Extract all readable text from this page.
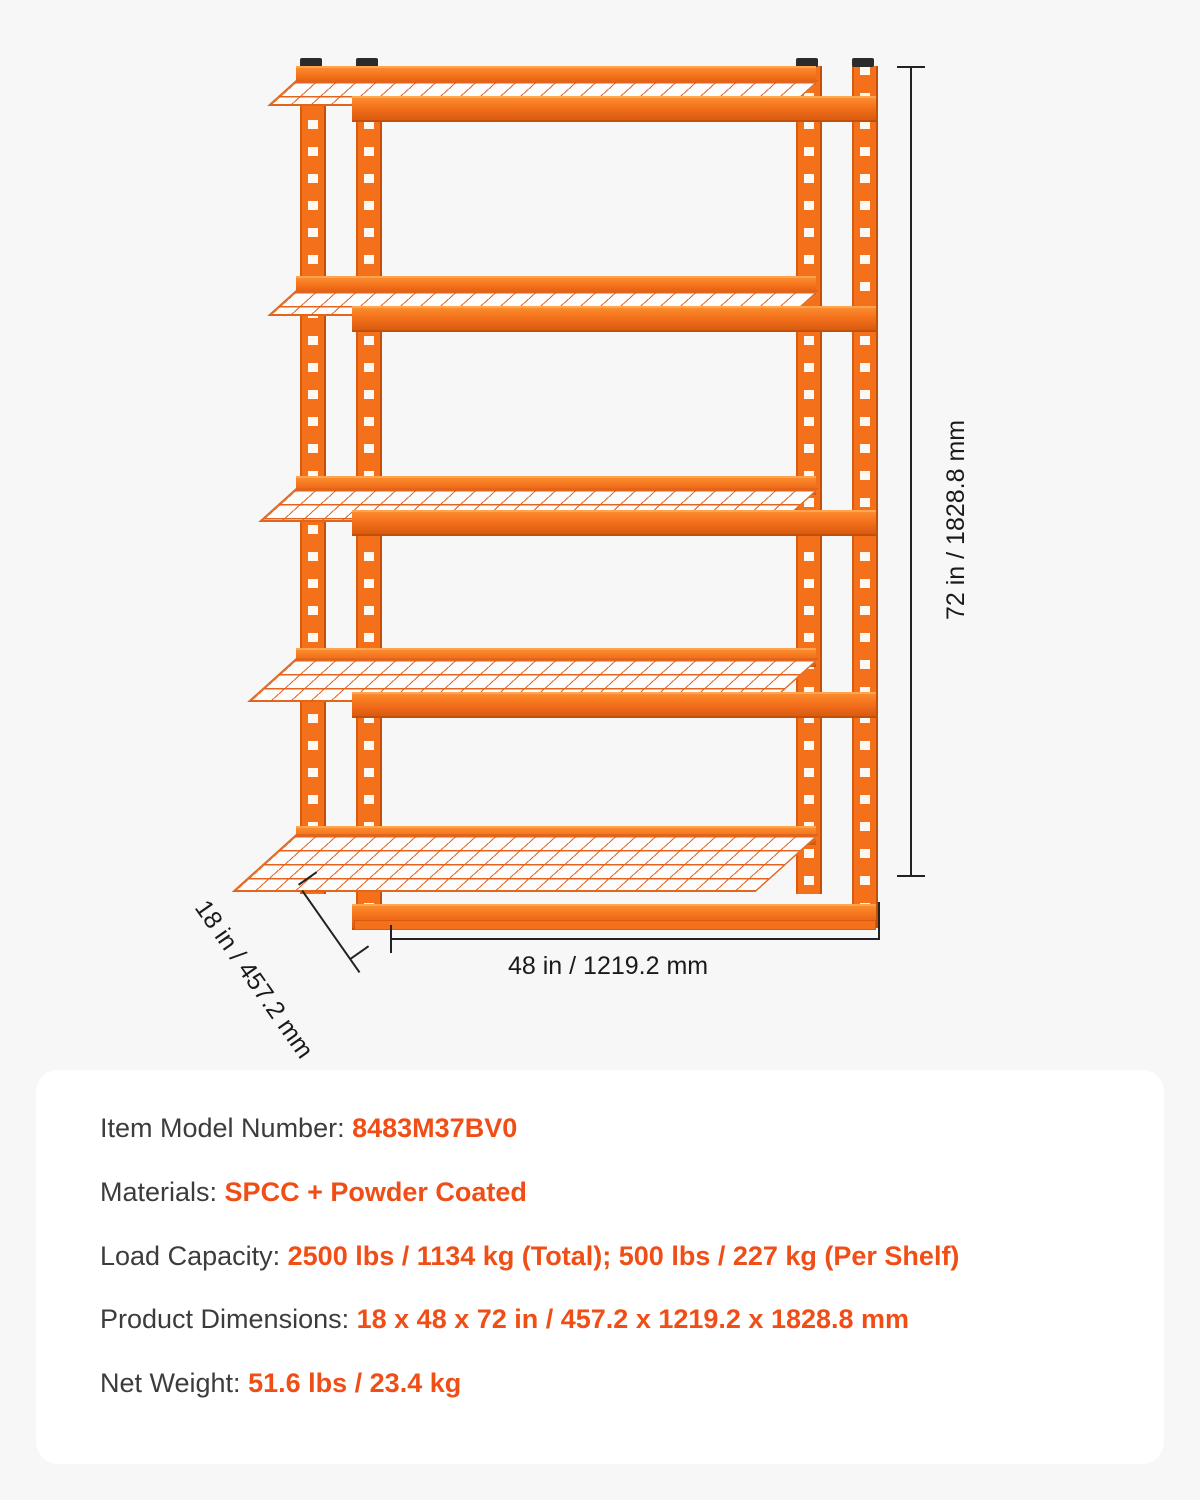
72 in / 1828.8 mm
48 in / 1219.2 mm
18 in / 457.2 mm
Item Model Number: 8483M37BV0
Materials: SPCC + Powder Coated
Load Capacity: 2500 lbs / 1134 kg (Total); 500 lbs / 227 kg (Per Shelf)
Product Dimensions: 18 x 48 x 72 in / 457.2 x 1219.2 x 1828.8 mm
Net Weight: 51.6 lbs / 23.4 kg
